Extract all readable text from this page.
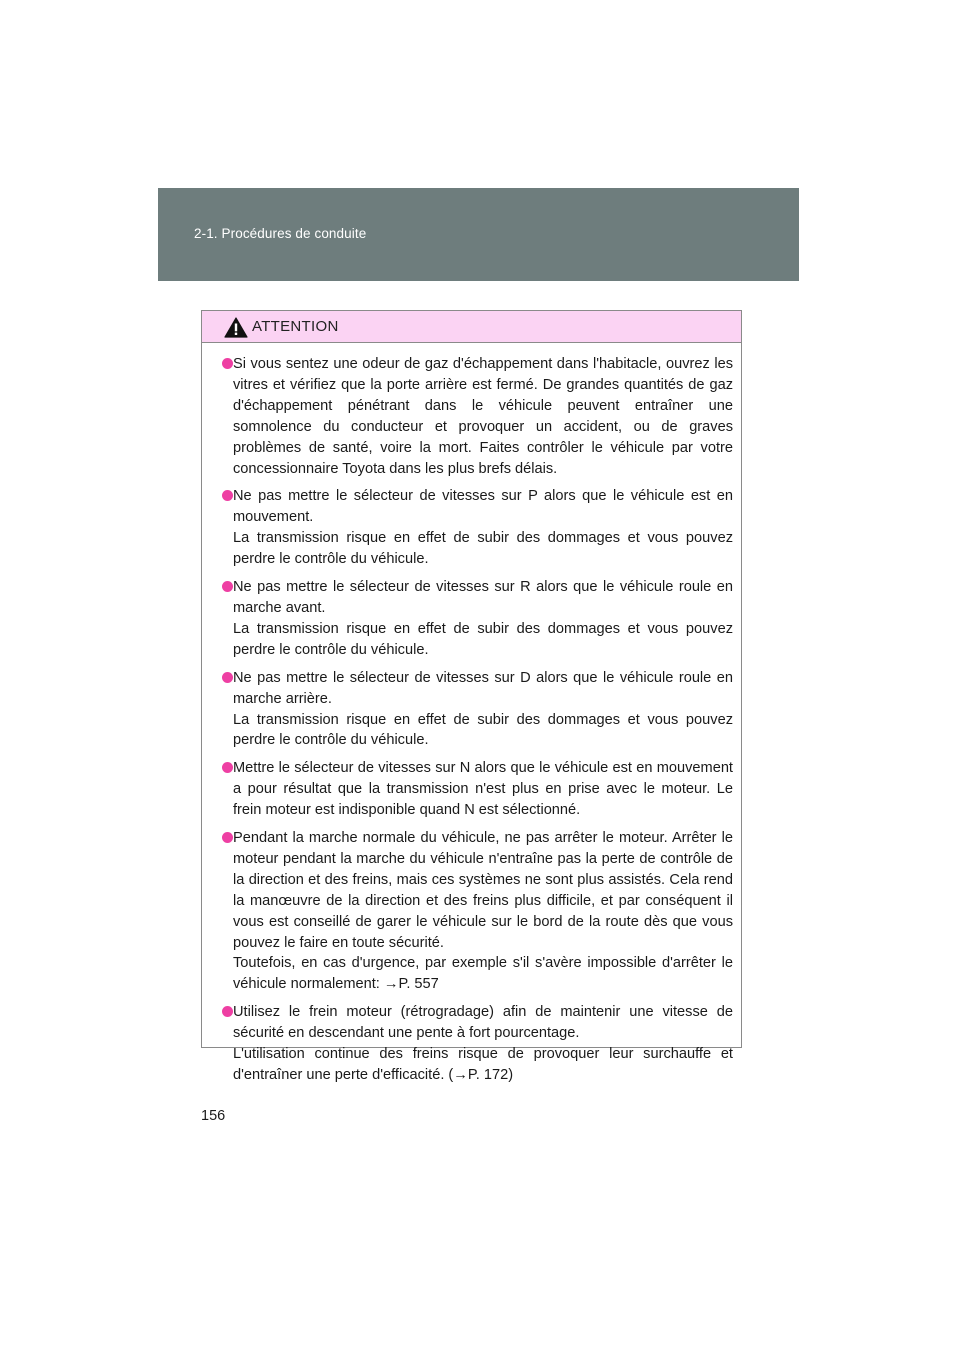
2-1. Procédures de conduite
ATTENTION

Si vous sentez une odeur de gaz d'échappement dans l'habitacle, ouvrez les vitres et vérifiez que la porte arrière est fermé. De grandes quantités de gaz d'échappement pénétrant dans le véhicule peuvent entraîner une somnolence du conducteur et provoquer un accident, ou de graves problèmes de santé, voire la mort. Faites contrôler le véhicule par votre concessionnaire Toyota dans les plus brefs délais.

Ne pas mettre le sélecteur de vitesses sur P alors que le véhicule est en mouvement.

La transmission risque en effet de subir des dommages et vous pouvez perdre le contrôle du véhicule.

Ne pas mettre le sélecteur de vitesses sur R alors que le véhicule roule en marche avant.

La transmission risque en effet de subir des dommages et vous pouvez perdre le contrôle du véhicule.

Ne pas mettre le sélecteur de vitesses sur D alors que le véhicule roule en marche arrière.

La transmission risque en effet de subir des dommages et vous pouvez perdre le contrôle du véhicule.

Mettre le sélecteur de vitesses sur N alors que le véhicule est en mouvement a pour résultat que la transmission n'est plus en prise avec le moteur. Le frein moteur est indisponible quand N est sélectionné.

Pendant la marche normale du véhicule, ne pas arrêter le moteur. Arrêter le moteur pendant la marche du véhicule n'entraîne pas la perte de contrôle de la direction et des freins, mais ces systèmes ne sont plus assistés. Cela rend la manœuvre de la direction et des freins plus difficile, et par conséquent il vous est conseillé de garer le véhicule sur le bord de la route dès que vous pouvez le faire en toute sécurité.

Toutefois, en cas d'urgence, par exemple s'il s'avère impossible d'arrêter le véhicule normalement: →P. 557

Utilisez le frein moteur (rétrogradage) afin de maintenir une vitesse de sécurité en descendant une pente à fort pourcentage.

L'utilisation continue des freins risque de provoquer leur surchauffe et d'entraîner une perte d'efficacité. (→P. 172)

156
